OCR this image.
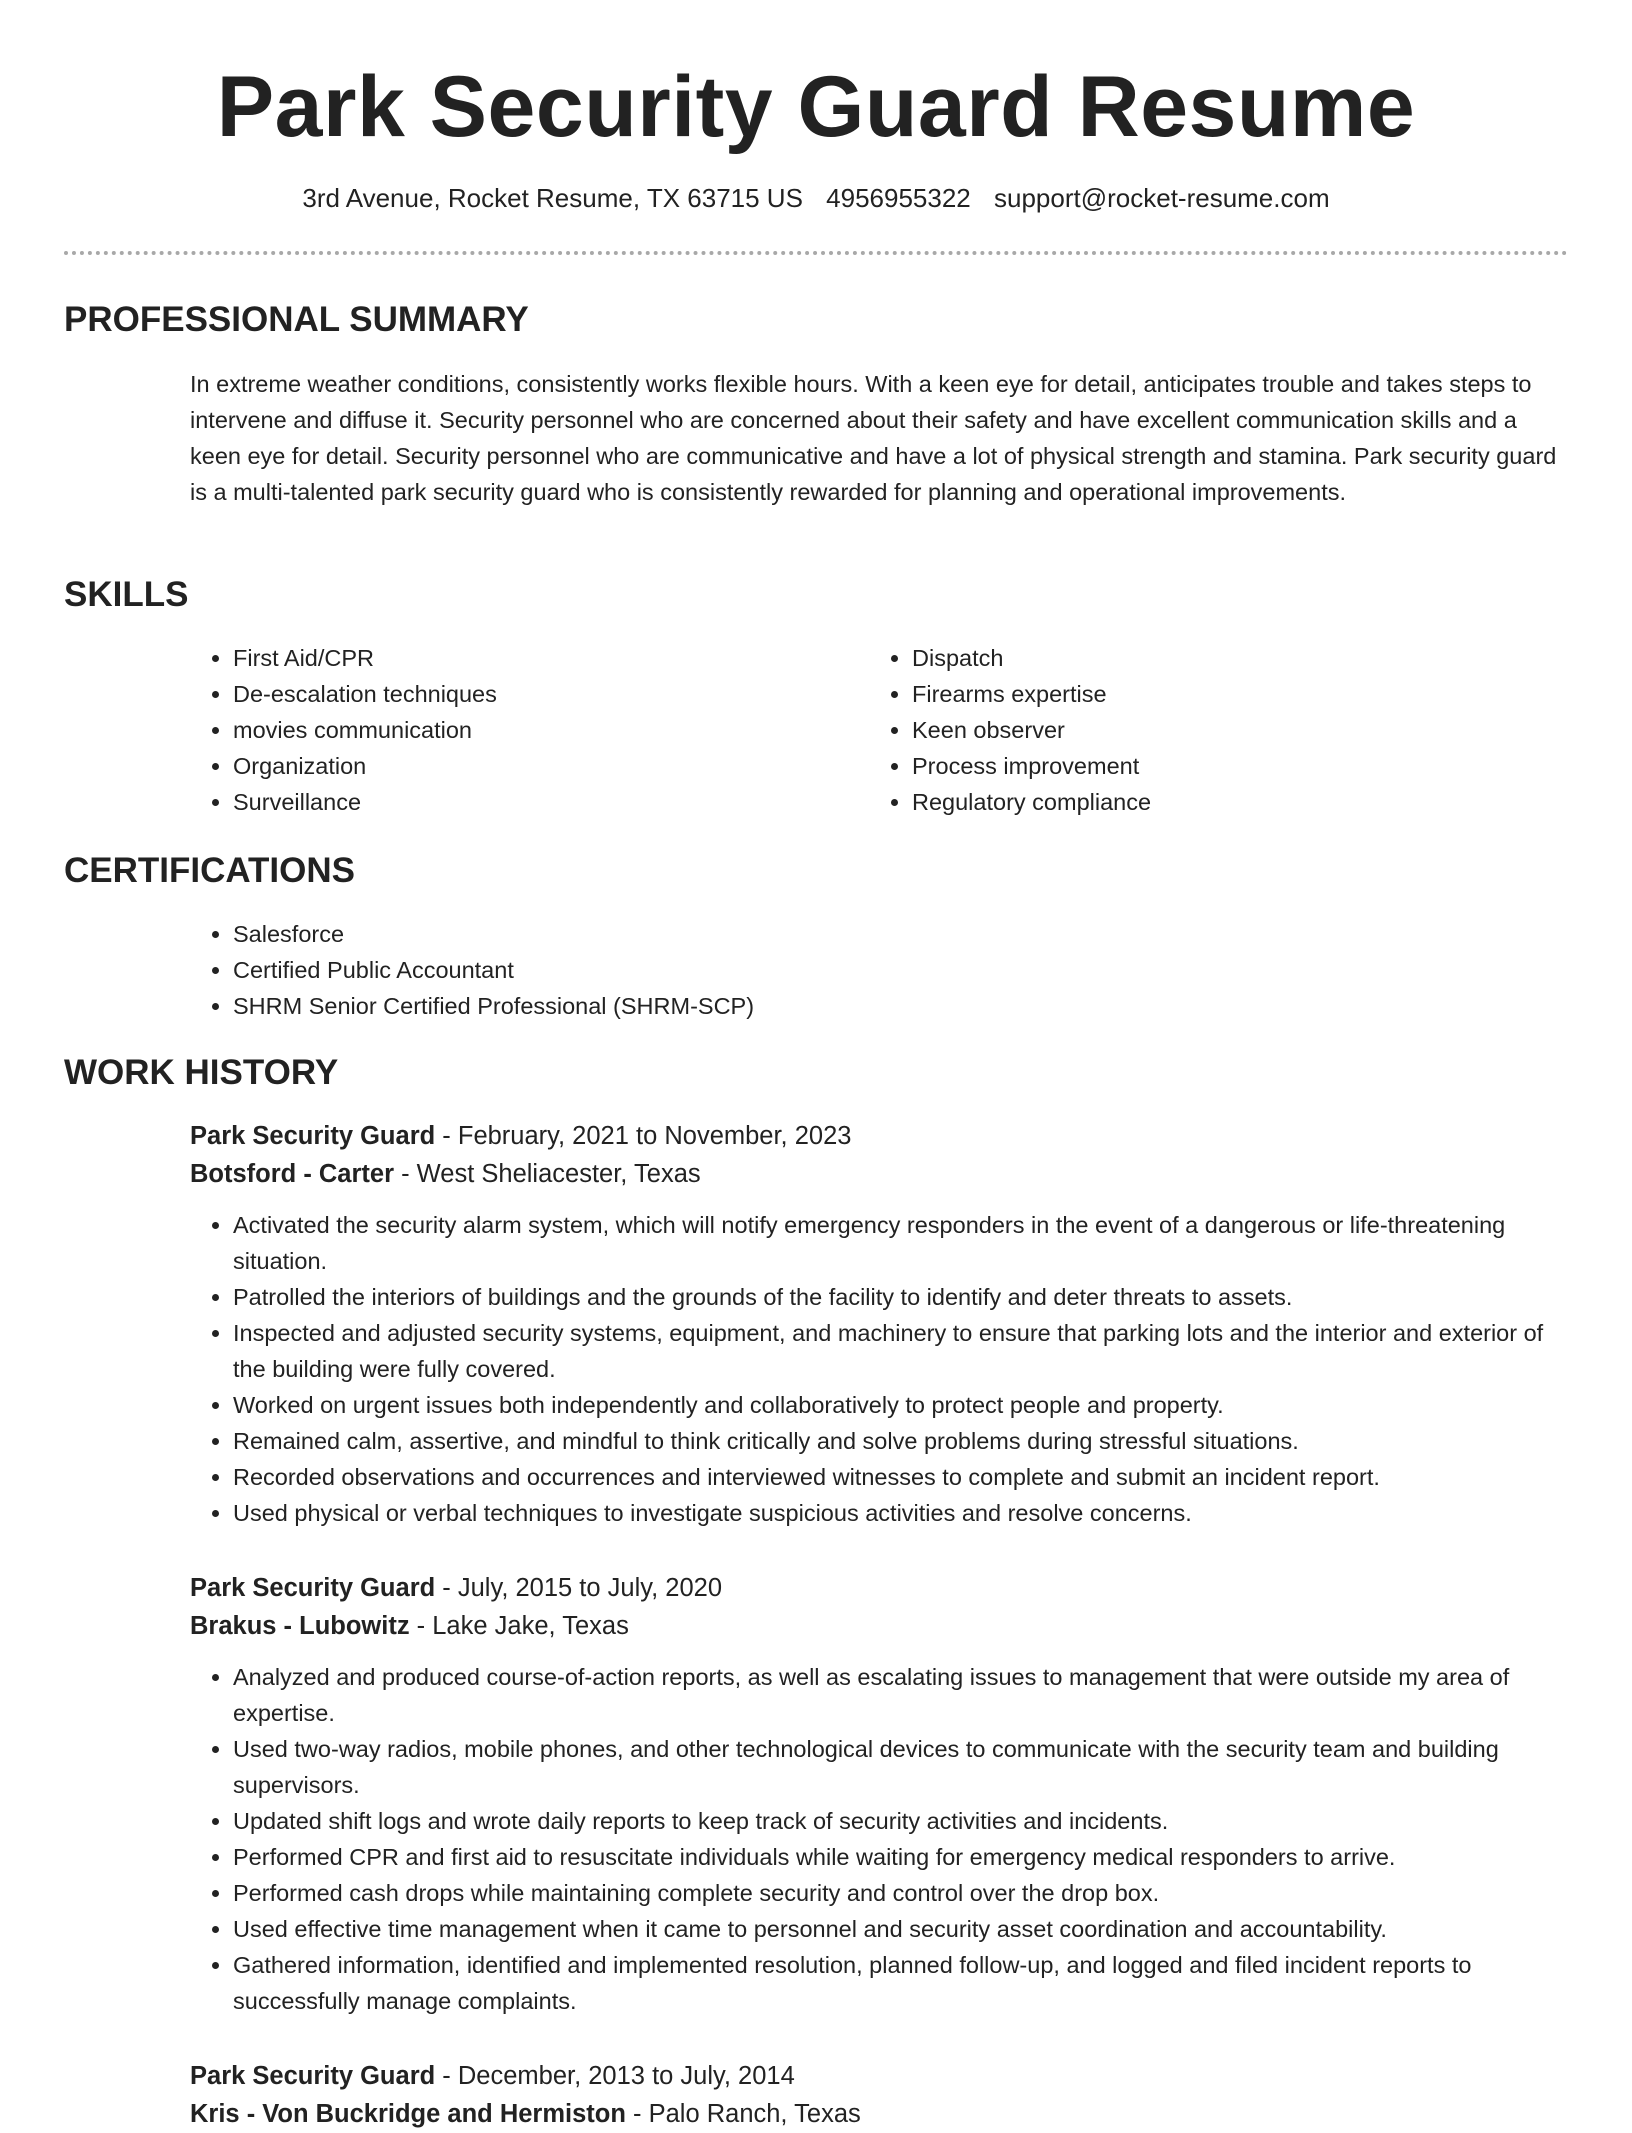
Park Security Guard Resume
3rd Avenue, Rocket Resume, TX 63715 US 4956955322 support@rocket-resume.com
PROFESSIONAL SUMMARY

In extreme weather conditions, consistently works flexible hours. With a keen eye for detail, anticipates trouble and takes steps to intervene and diffuse it. Security personnel who are concerned about their safety and have excellent communication skills and a keen eye for detail. Security personnel who are communicative and have a lot of physical strength and stamina. Park security guard is a multi-talented park security guard who is consistently rewarded for planning and operational improvements.

SKILLS
• First Aid/CPR
• De-escalation techniques
• movies communication
• Organization
• Surveillance
• Dispatch
• Firearms expertise
• Keen observer
• Process improvement
• Regulatory compliance
CERTIFICATIONS
• Salesforce
• Certified Public Accountant
• SHRM Senior Certified Professional (SHRM-SCP)
WORK HISTORY
Park Security Guard - February, 2021 to November, 2023
Botsford - Carter - West Sheliacester, Texas
• Activated the security alarm system, which will notify emergency responders in the event of a dangerous or life-threatening situation.
• Patrolled the interiors of buildings and the grounds of the facility to identify and deter threats to assets.
• Inspected and adjusted security systems, equipment, and machinery to ensure that parking lots and the interior and exterior of the building were fully covered.
• Worked on urgent issues both independently and collaboratively to protect people and property.
• Remained calm, assertive, and mindful to think critically and solve problems during stressful situations.
• Recorded observations and occurrences and interviewed witnesses to complete and submit an incident report.
• Used physical or verbal techniques to investigate suspicious activities and resolve concerns.
Park Security Guard - July, 2015 to July, 2020
Brakus - Lubowitz - Lake Jake, Texas
• Analyzed and produced course-of-action reports, as well as escalating issues to management that were outside my area of expertise.
• Used two-way radios, mobile phones, and other technological devices to communicate with the security team and building supervisors.
• Updated shift logs and wrote daily reports to keep track of security activities and incidents.
• Performed CPR and first aid to resuscitate individuals while waiting for emergency medical responders to arrive.
• Performed cash drops while maintaining complete security and control over the drop box.
• Used effective time management when it came to personnel and security asset coordination and accountability.
• Gathered information, identified and implemented resolution, planned follow-up, and logged and filed incident reports to successfully manage complaints.
Park Security Guard - December, 2013 to July, 2014
Kris - Von Buckridge and Hermiston - Palo Ranch, Texas
